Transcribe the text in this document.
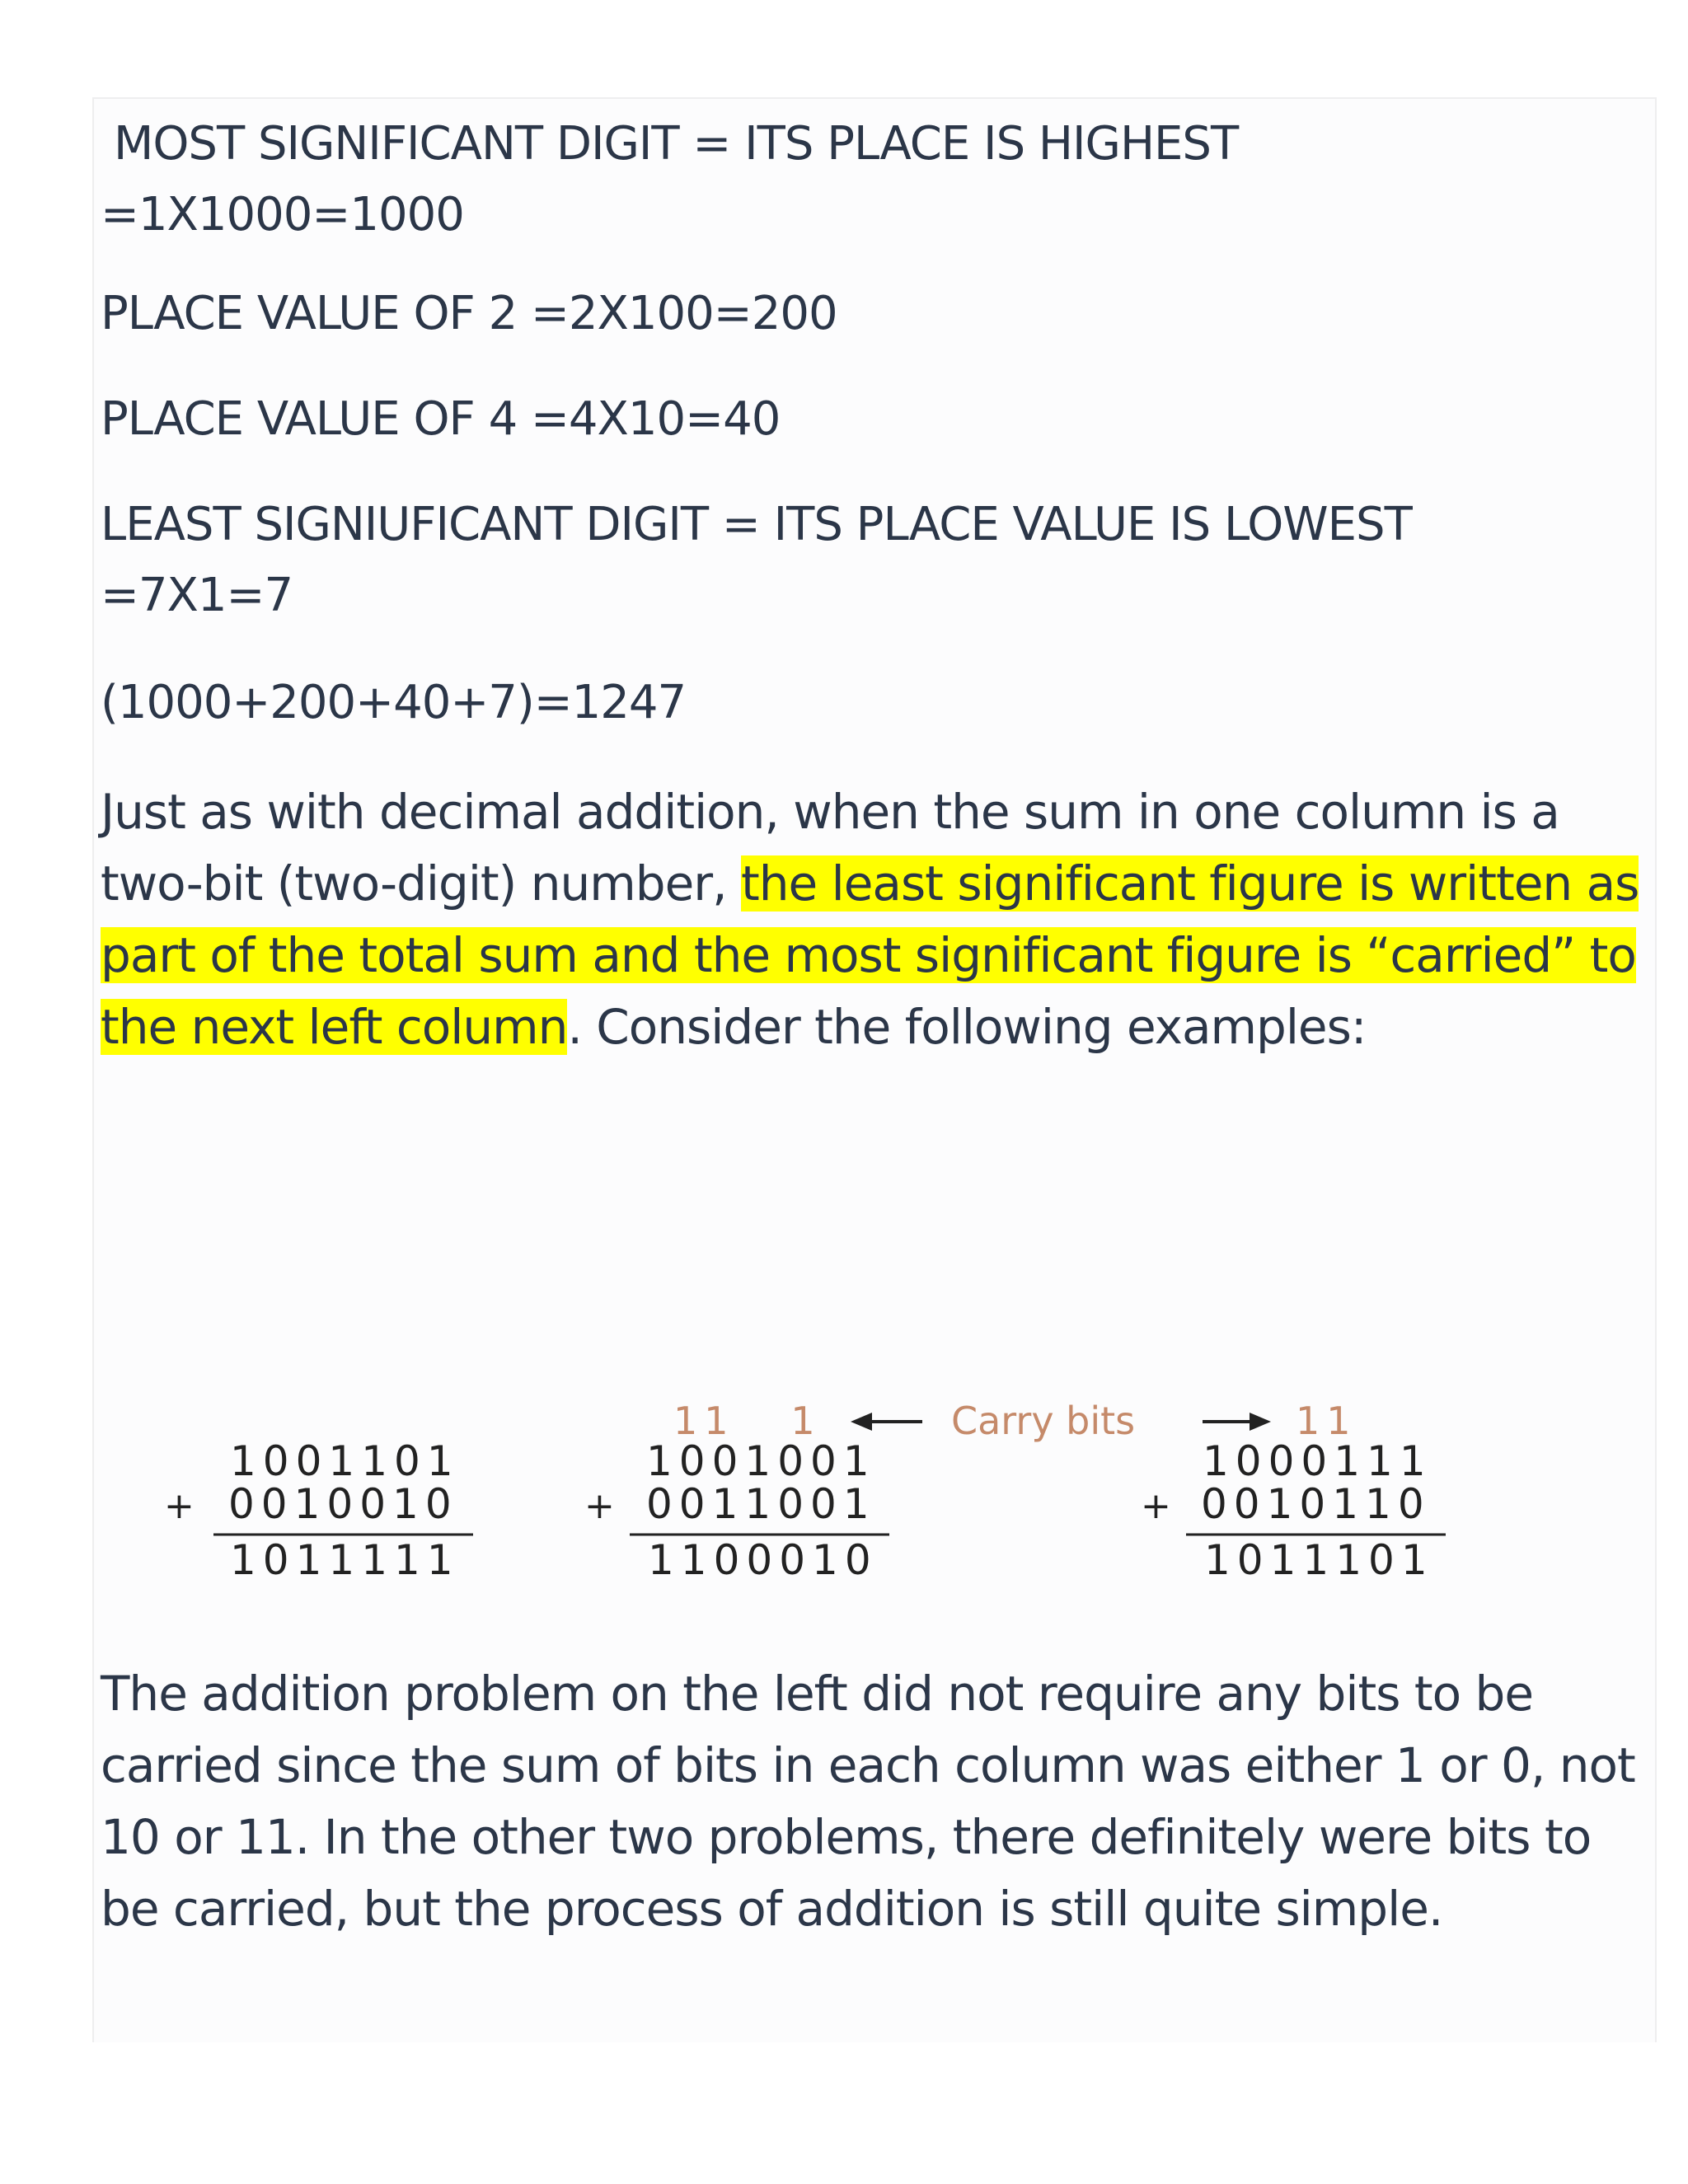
MOST SIGNIFICANT DIGIT = ITS PLACE IS HIGHEST

=1X1000=1000

PLACE VALUE OF 2 =2X100=200

PLACE VALUE OF 4 =4X10=40

LEAST SIGNIUFICANT DIGIT = ITS PLACE VALUE IS LOWEST

=7X1=7

(1000+200+40+7)=1247

Just as with decimal addition, when the sum in one column is a two-bit (two-digit) number, the least significant figure is written as part of the total sum and the most significant figure is “carried” to the next left column. Consider the following examples:

1001101
+ 0010010
1011111
11   1
1001001
+ 0011001
1100010
Carry bits	11
1000111
+ 0010110
1011101

The addition problem on the left did not require any bits to be carried since the sum of bits in each column was either 1 or 0, not 10 or 11. In the other two problems, there definitely were bits to be carried, but the process of addition is still quite simple.
